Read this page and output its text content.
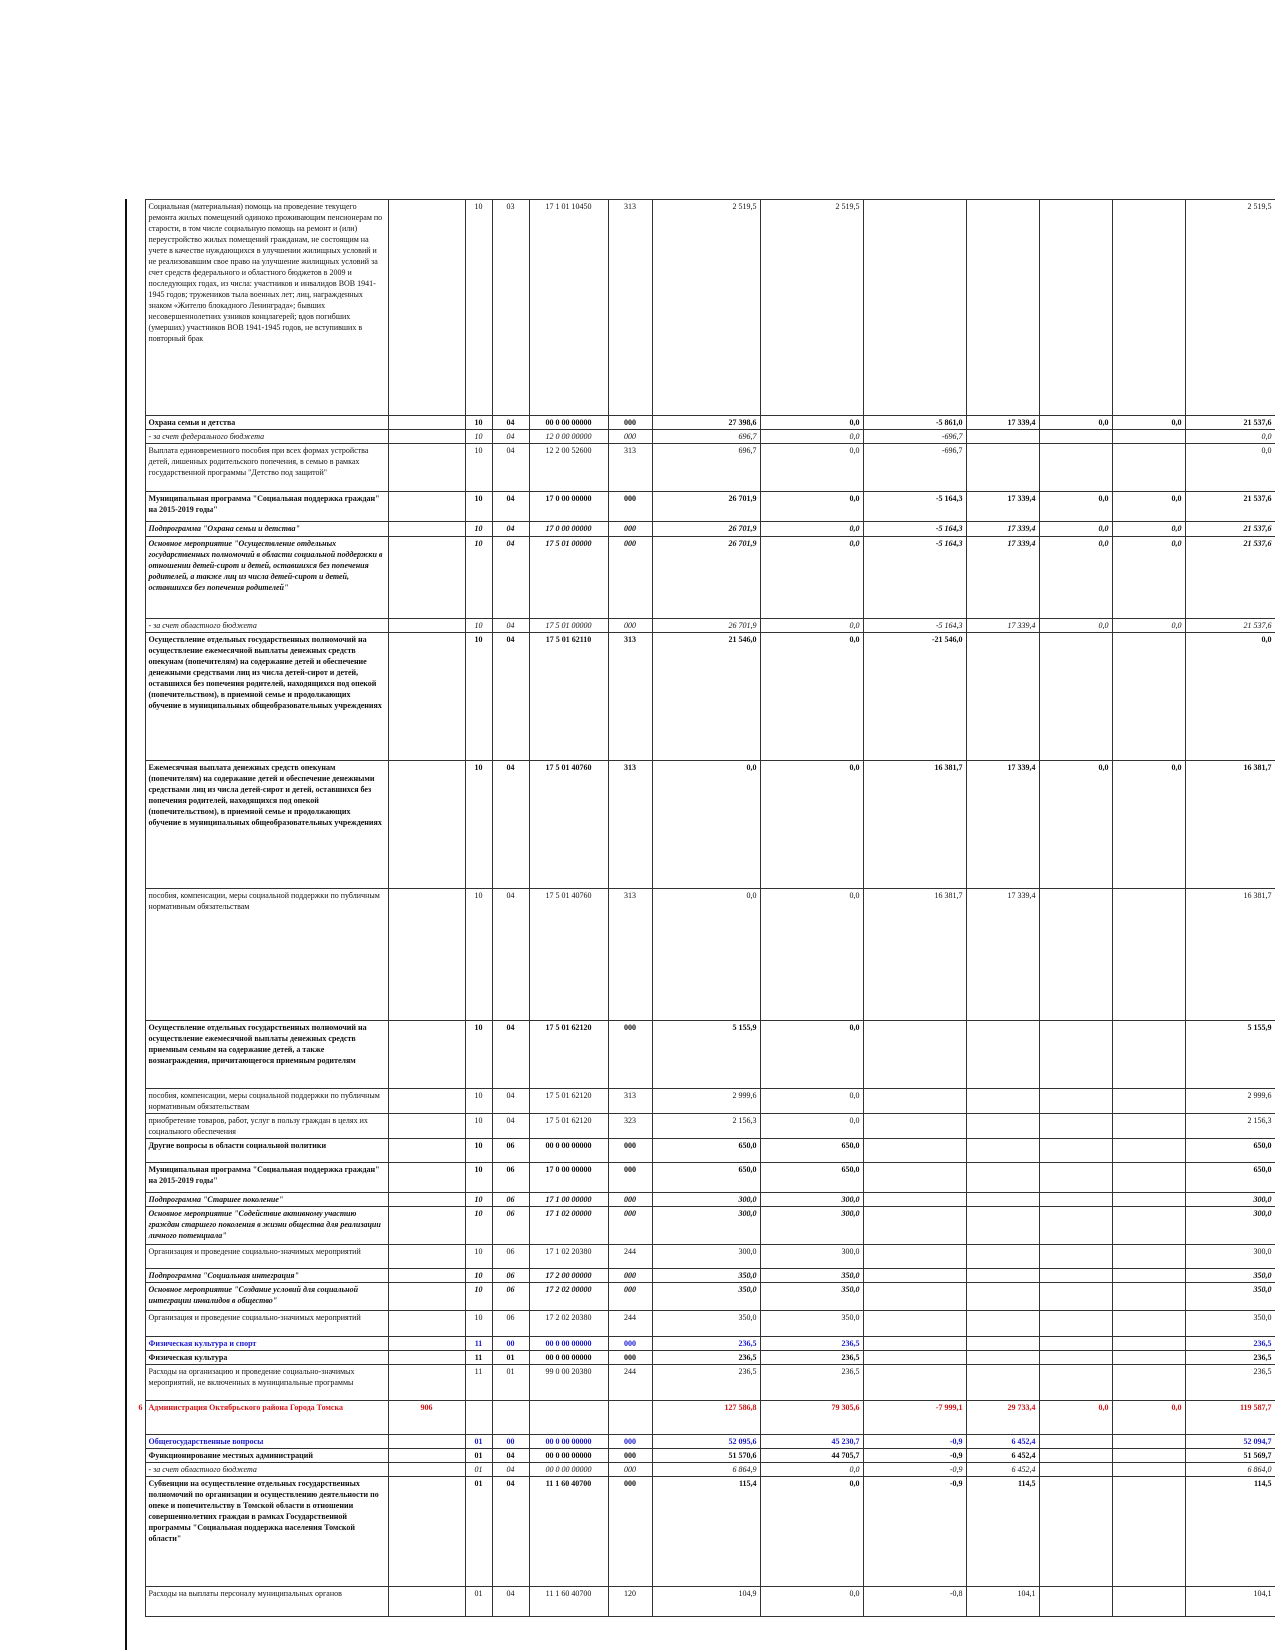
	Социальная (материальная) помощь на проведение текущего ремонта жилых помещений одиноко проживающим пенсионерам по старости, в том числе социальную помощь на ремонт и (или) переустройство жилых помещений гражданам, не состоящим на учете в качестве нуждающихся в улучшении жилищных условий и не реализовавшим свое право на улучшение жилищных условий за счет средств федерального и областного бюджетов в 2009 и последующих годах, из числа: участников и инвалидов ВОВ 1941-1945 годов; тружеников тыла военных лет; лиц, награжденных знаком «Жителю блокадного Ленинграда»; бывших несовершеннолетних узников концлагерей; вдов погибших (умерших) участников ВОВ 1941-1945 годов, не вступивших в повторный брак		10	03	17 1 01 10450	313	2 519,5	2 519,5					2 519,5
	Охрана семьи и детства		10	04	00 0 00 00000	000	27 398,6	0,0	-5 861,0	17 339,4	0,0	0,0	21 537,6
	- за счет федерального бюджета		10	04	12 0 00 00000	000	696,7	0,0	-696,7				0,0
	Выплата единовременного пособия при всех формах устройства детей, лишенных родительского попечения, в семью в рамках государственной программы "Детство под защитой"		10	04	12 2 00 52600	313	696,7	0,0	-696,7				0,0
	Муниципальная программа "Социальная поддержка граждан" на 2015-2019 годы"		10	04	17 0 00 00000	000	26 701,9	0,0	-5 164,3	17 339,4	0,0	0,0	21 537,6
	Подпрограмма "Охрана семьи и детства"		10	04	17 0 00 00000	000	26 701,9	0,0	-5 164,3	17 339,4	0,0	0,0	21 537,6
	Основное мероприятие "Осуществление отдельных государственных полномочий в области социальной поддержки в отношении детей-сирот и детей, оставшихся без попечения родителей, а также лиц из числа детей-сирот и детей, оставшихся без попечения родителей"		10	04	17 5 01 00000	000	26 701,9	0,0	-5 164,3	17 339,4	0,0	0,0	21 537,6
	- за счет областного бюджета		10	04	17 5 01 00000	000	26 701,9	0,0	-5 164,3	17 339,4	0,0	0,0	21 537,6
	Осуществление отдельных государственных полномочий на осуществление ежемесячной выплаты денежных средств опекунам (попечителям) на содержание детей и обеспечение денежными средствами лиц из числа детей-сирот и детей, оставшихся без попечения родителей, находящихся под опекой (попечительством), в приемной семье и продолжающих обучение в муниципальных общеобразовательных учреждениях		10	04	17 5 01 62110	313	21 546,0	0,0	-21 546,0				0,0
	Ежемесячная выплата денежных средств опекунам (попечителям) на содержание детей и обеспечение денежными средствами лиц из числа детей-сирот и детей, оставшихся без попечения родителей, находящихся под опекой (попечительством), в приемной семье и продолжающих обучение в муниципальных общеобразовательных учреждениях		10	04	17 5 01 40760	313	0,0	0,0	16 381,7	17 339,4	0,0	0,0	16 381,7
	пособия, компенсации, меры социальной поддержки по публичным нормативным обязательствам		10	04	17 5 01 40760	313	0,0	0,0	16 381,7	17 339,4			16 381,7
	Осуществление отдельных государственных полномочий на осуществление ежемесячной выплаты денежных средств приемным семьям на содержание детей, а также вознаграждения, причитающегося приемным родителям		10	04	17 5 01 62120	000	5 155,9	0,0					5 155,9
	пособия, компенсации, меры социальной поддержки по публичным нормативным обязательствам		10	04	17 5 01 62120	313	2 999,6	0,0					2 999,6
	приобретение товаров, работ, услуг в пользу граждан в целях их социального обеспечения		10	04	17 5 01 62120	323	2 156,3	0,0					2 156,3
	Другие вопросы в области социальной политики		10	06	00 0 00 00000	000	650,0	650,0					650,0
	Муниципальная программа "Социальная поддержка граждан" на 2015-2019 годы"		10	06	17 0 00 00000	000	650,0	650,0					650,0
	Подпрограмма "Старшее поколение"		10	06	17 1 00 00000	000	300,0	300,0					300,0
	Основное мероприятие "Содействие активному участию граждан старшего поколения в жизни общества для реализации личного потенциала"		10	06	17 1 02 00000	000	300,0	300,0					300,0
	Организация и проведение социально-значимых мероприятий		10	06	17 1 02 20380	244	300,0	300,0					300,0
	Подпрограмма "Социальная интеграция"		10	06	17 2 00 00000	000	350,0	350,0					350,0
	Основное мероприятие "Создание условий для социальной интеграции инвалидов в общество"		10	06	17 2 02 00000	000	350,0	350,0					350,0
	Организация и проведение социально-значимых мероприятий		10	06	17 2 02 20380	244	350,0	350,0					350,0
	Физическая культура и спорт		11	00	00 0 00 00000	000	236,5	236,5					236,5
	Физическая культура		11	01	00 0 00 00000	000	236,5	236,5					236,5
	Расходы на организацию и проведение социально-значимых мероприятий, не включенных в муниципальные программы		11	01	99 0 00 20380	244	236,5	236,5					236,5
6	Администрация Октябрьского района Города Томска	906					127 586,8	79 305,6	-7 999,1	29 733,4	0,0	0,0	119 587,7
	Общегосударственные вопросы		01	00	00 0 00 00000	000	52 095,6	45 230,7	-0,9	6 452,4			52 094,7
	Функционирование местных администраций		01	04	00 0 00 00000	000	51 570,6	44 705,7	-0,9	6 452,4			51 569,7
	- за счет областного бюджета		01	04	00 0 00 00000	000	6 864,9	0,0	-0,9	6 452,4			6 864,0
	Субвенции на осуществление отдельных государственных полномочий по организации и осуществлению деятельности по опеке и попечительству в Томской области в отношении совершеннолетних граждан в рамках Государственной программы "Социальная поддержка населения Томской области"		01	04	11 1 60 40700	000	115,4	0,0	-0,9	114,5			114,5
	Расходы на выплаты персоналу муниципальных органов		01	04	11 1 60 40700	120	104,9	0,0	-0,8	104,1			104,1
